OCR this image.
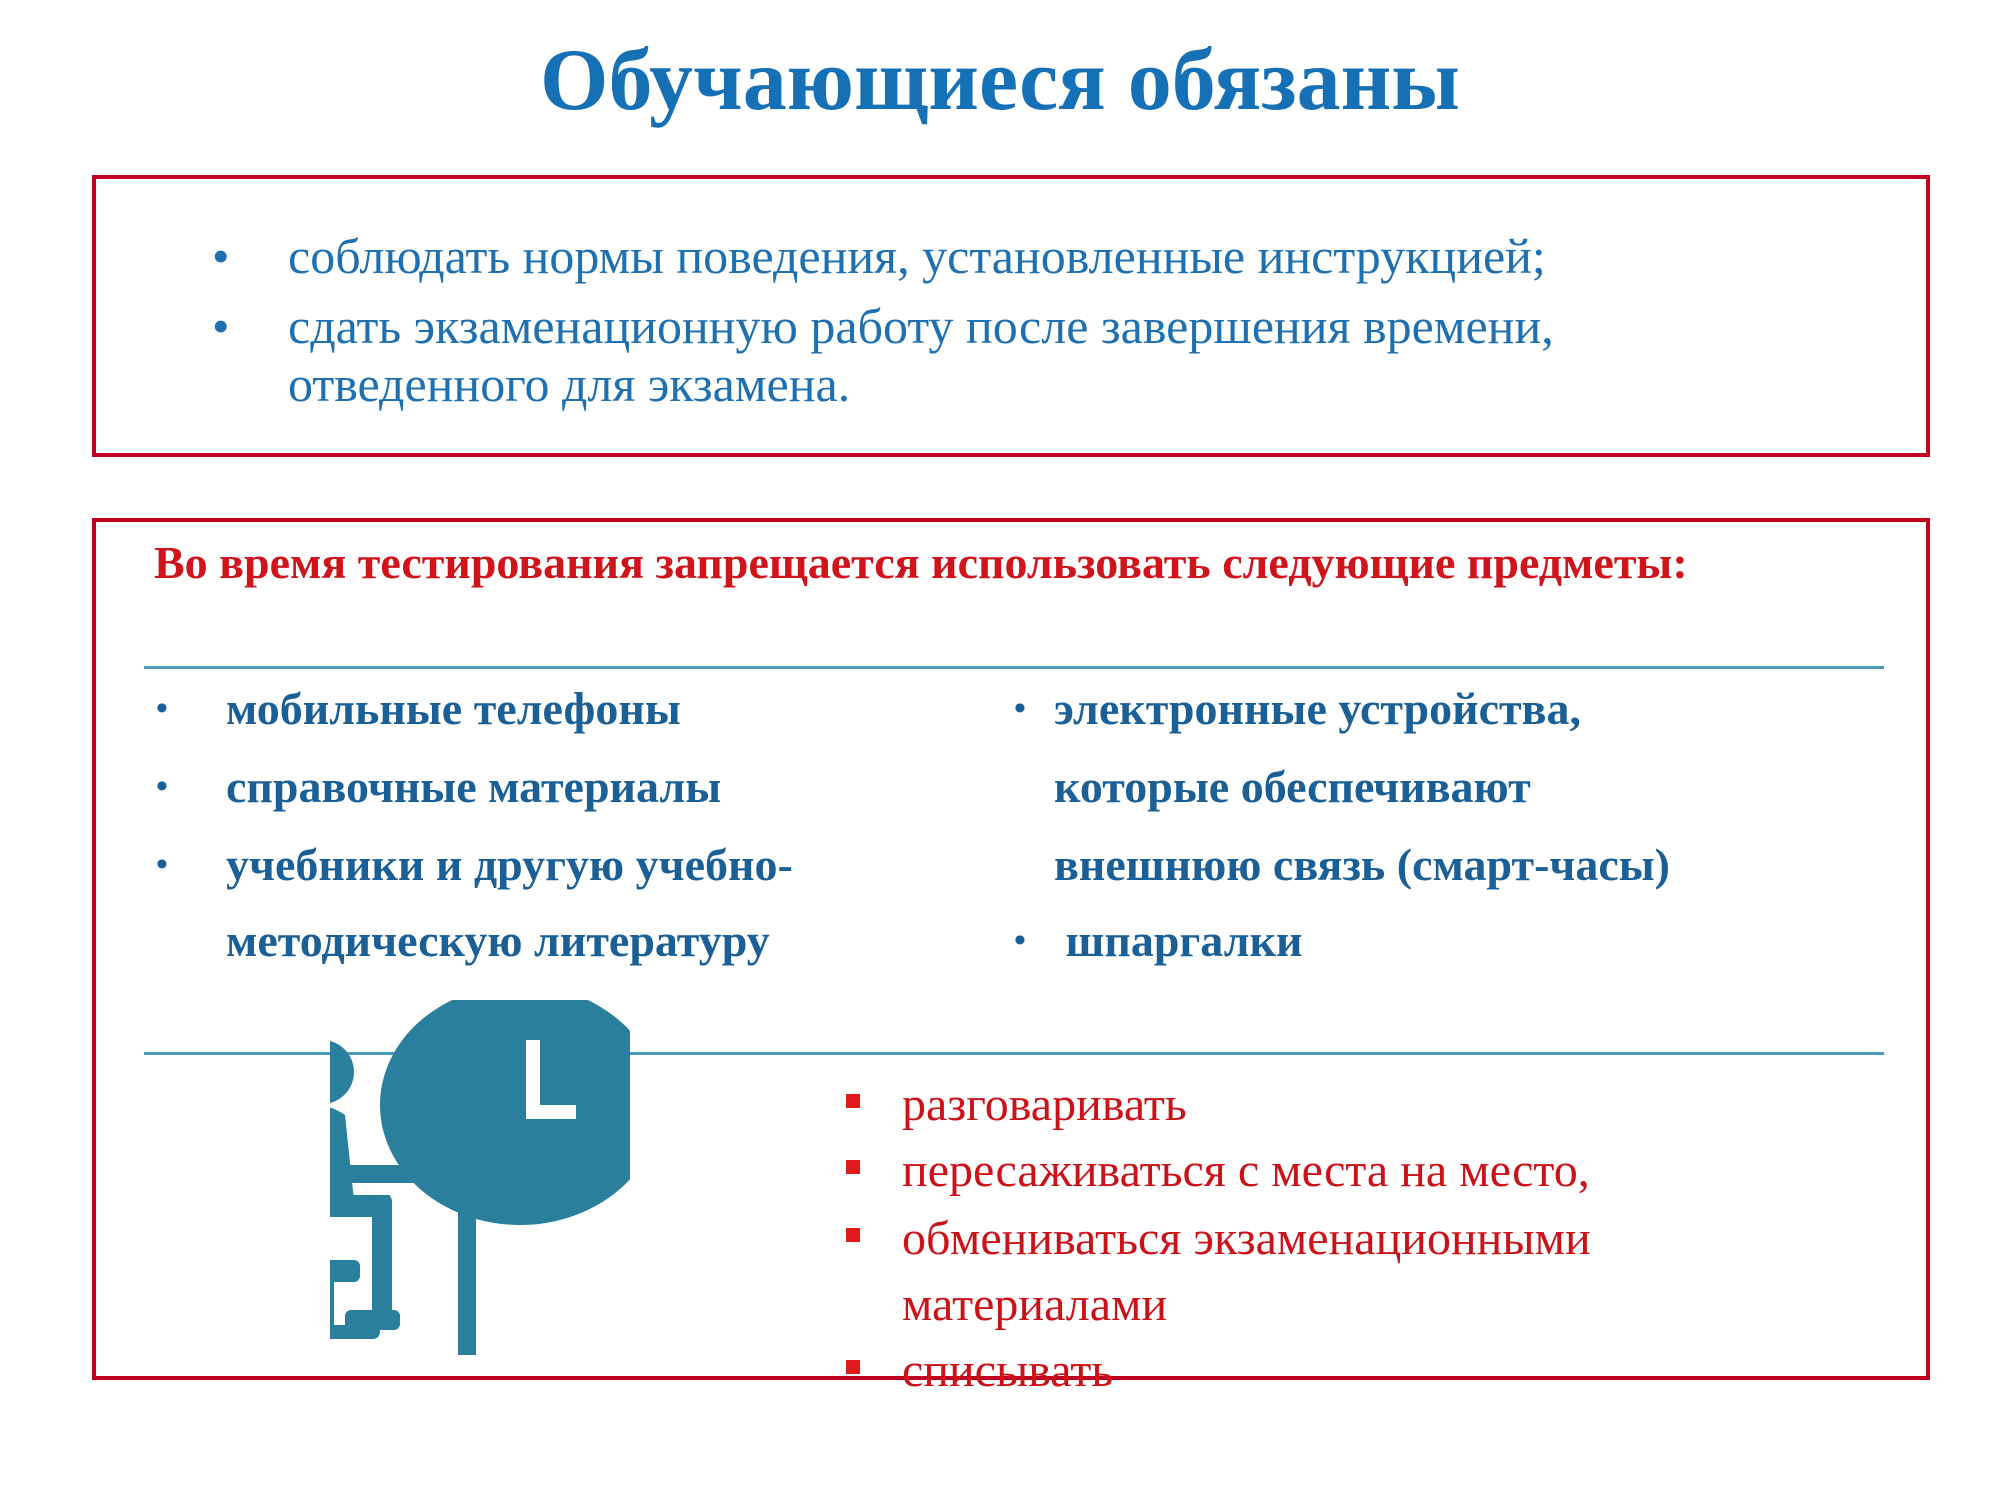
Обучающиеся обязаны
•	соблюдать нормы поведения, установленные инструкцией;
•	сдать экзаменационную работу после завершения времени, отведенного для экзамена.
Во время тестирования запрещается использовать следующие предметы:
•	мобильные телефоны
•	справочные материалы
•	учебники и другую учебно-
методическую литературу
• электронные устройства,
которые обеспечивают
внешнюю связь (смарт-часы)
• шпаргалки
разговаривать
пересаживаться с места на место,
обмениваться экзаменационными
материалами
списывать
